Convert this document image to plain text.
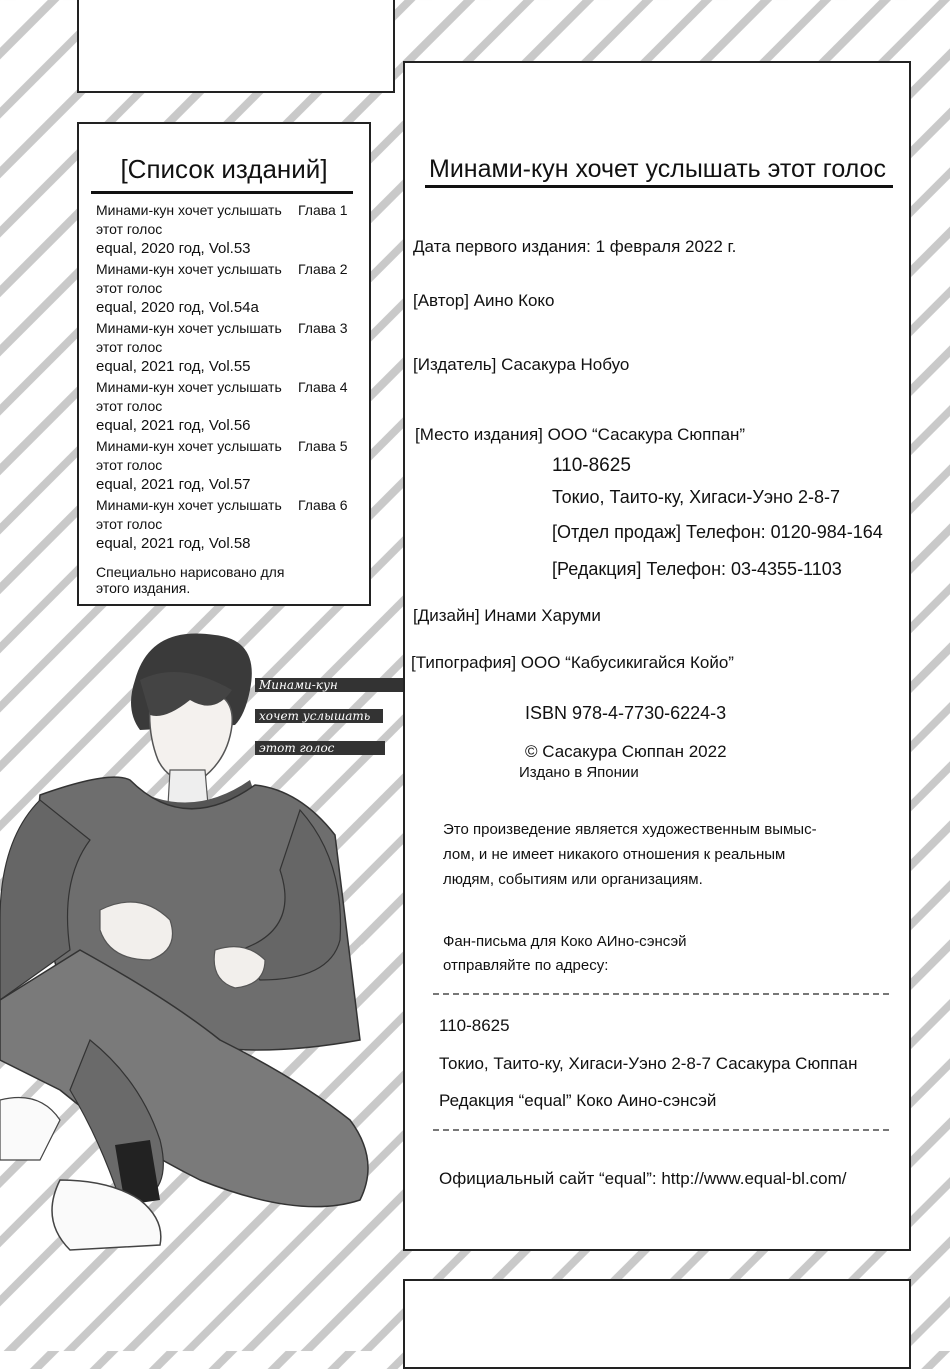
[Список изданий]
Минами-кун хочет услышать этот голос
Глава 1
equal, 2020 год, Vol.53
Минами-кун хочет услышать этот голос
Глава 2
equal, 2020 год, Vol.54a
Минами-кун хочет услышать этот голос
Глава 3
equal, 2021 год, Vol.55
Минами-кун хочет услышать этот голос
Глава 4
equal, 2021 год, Vol.56
Минами-кун хочет услышать этот голос
Глава 5
equal, 2021 год, Vol.57
Минами-кун хочет услышать этот голос
Глава 6
equal, 2021 год, Vol.58
Специально нарисовано для этого издания.
Минами-кун
хочет услышать
этот голос
Минами-кун хочет услышать этот голос
Дата первого издания: 1 февраля 2022 г.
[Автор] Аино Коко
[Издатель] Сасакура Нобуо
[Место издания] ООО “Сасакура Сюппан”
110-8625
Токио, Таито-ку, Хигаси-Уэно 2-8-7
[Отдел продаж] Телефон: 0120-984-164
[Редакция] Телефон: 03-4355-1103
[Дизайн] Инами Харуми
[Типография] ООО “Кабусикигайся Койо”
ISBN 978-4-7730-6224-3
© Сасакура Сюппан 2022
Издано в Японии
Это произведение является художественным вымыс-
лом, и не имеет никакого отношения к реальным
людям, событиям или организациям.
Фан-письма для Коко АИно-сэнсэй
отправляйте по адресу:
110-8625
Токио, Таито-ку, Хигаси-Уэно 2-8-7 Сасакура Сюппан
Редакция “equal” Коко Аино-сэнсэй
Официальный сайт “equal”: http://www.equal-bl.com/
